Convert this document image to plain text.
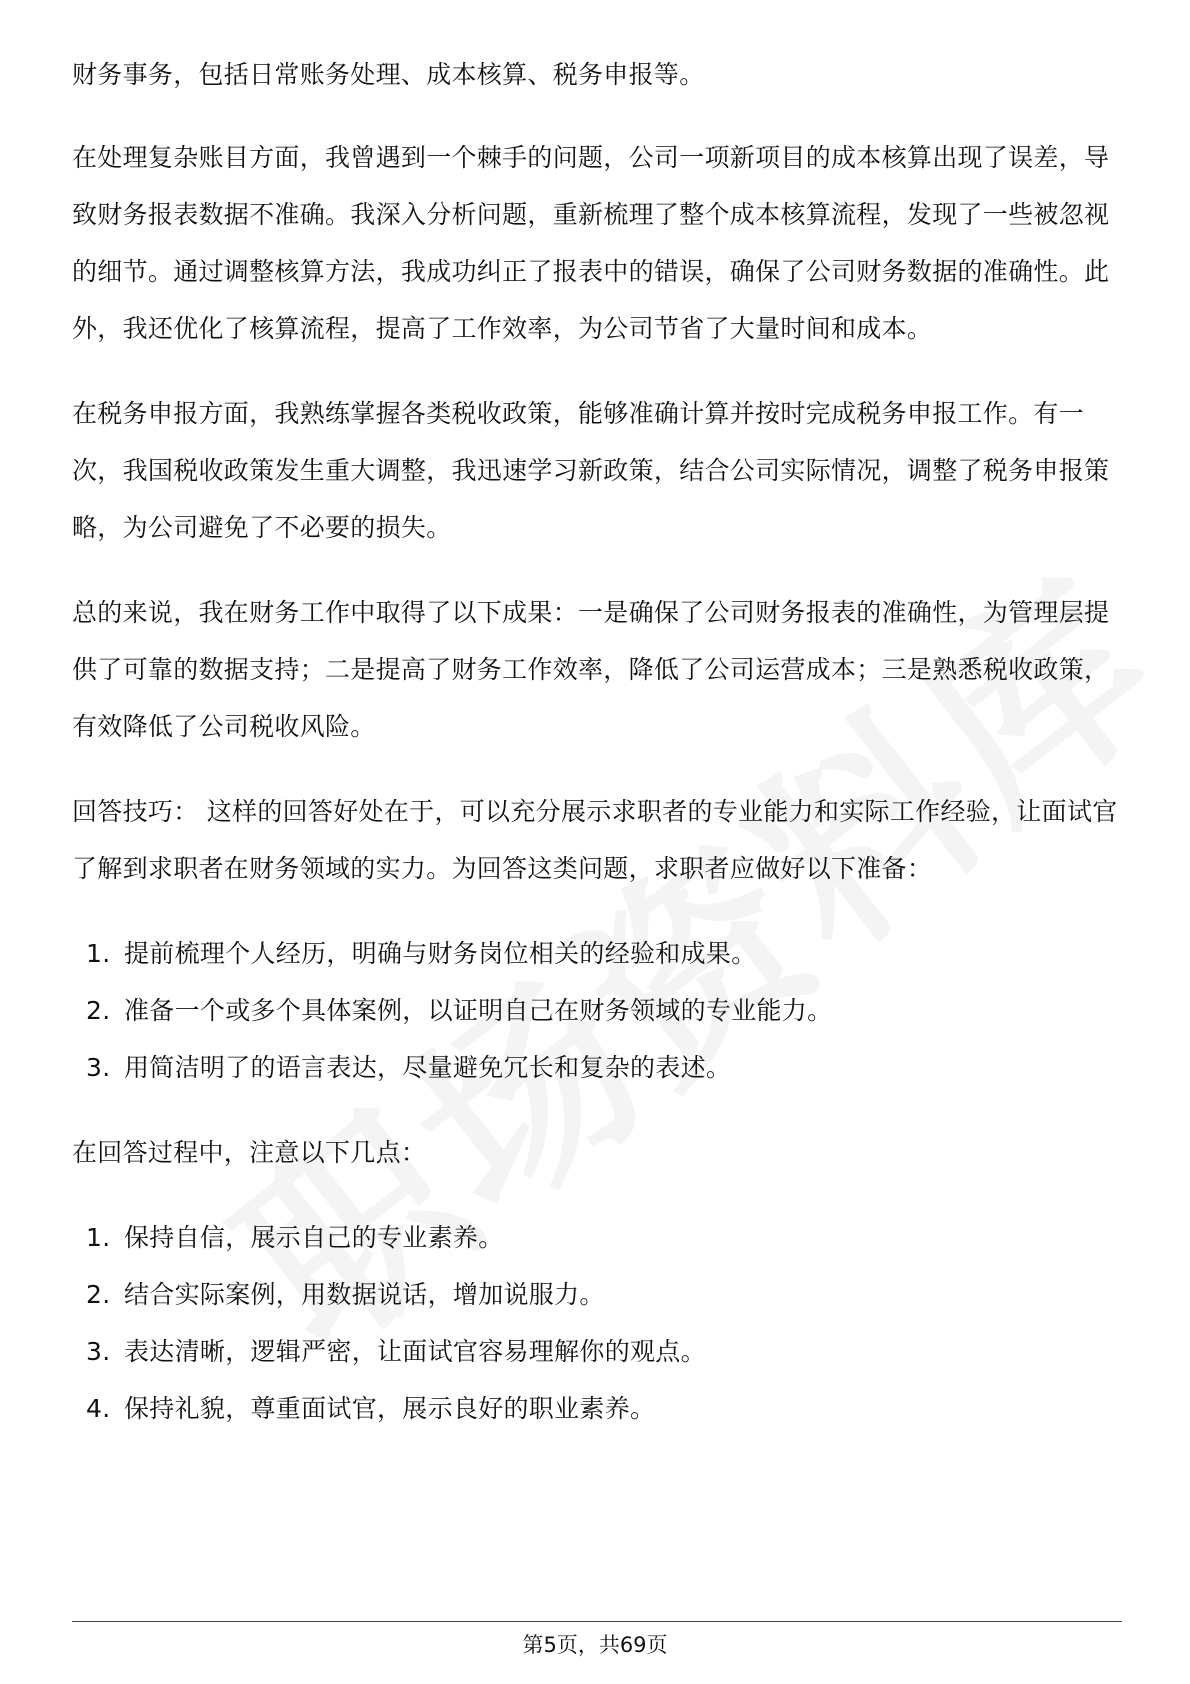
财务事务，包括日常账务处理、成本核算、税务申报等。

在处理复杂账目方面，我曾遇到一个棘手的问题，公司一项新项目的成本核算出现了误差，导致财务报表数据不准确。我深入分析问题，重新梳理了整个成本核算流程，发现了一些被忽视的细节。通过调整核算方法，我成功纠正了报表中的错误，确保了公司财务数据的准确性。此外，我还优化了核算流程，提高了工作效率，为公司节省了大量时间和成本。

在税务申报方面，我熟练掌握各类税收政策，能够准确计算并按时完成税务申报工作。有一次，我国税收政策发生重大调整，我迅速学习新政策，结合公司实际情况，调整了税务申报策略，为公司避免了不必要的损失。

总的来说，我在财务工作中取得了以下成果：一是确保了公司财务报表的准确性，为管理层提供了可靠的数据支持；二是提高了财务工作效率，降低了公司运营成本；三是熟悉税收政策，有效降低了公司税收风险。

回答技巧： 这样的回答好处在于，可以充分展示求职者的专业能力和实际工作经验，让面试官了解到求职者在财务领域的实力。为回答这类问题，求职者应做好以下准备：

1. 提前梳理个人经历，明确与财务岗位相关的经验和成果。
2. 准备一个或多个具体案例，以证明自己在财务领域的专业能力。
3. 用简洁明了的语言表达，尽量避免冗长和复杂的表述。

在回答过程中，注意以下几点：

1. 保持自信，展示自己的专业素养。
2. 结合实际案例，用数据说话，增加说服力。
3. 表达清晰，逻辑严密，让面试官容易理解你的观点。
4. 保持礼貌，尊重面试官，展示良好的职业素养。
第5页，共69页
